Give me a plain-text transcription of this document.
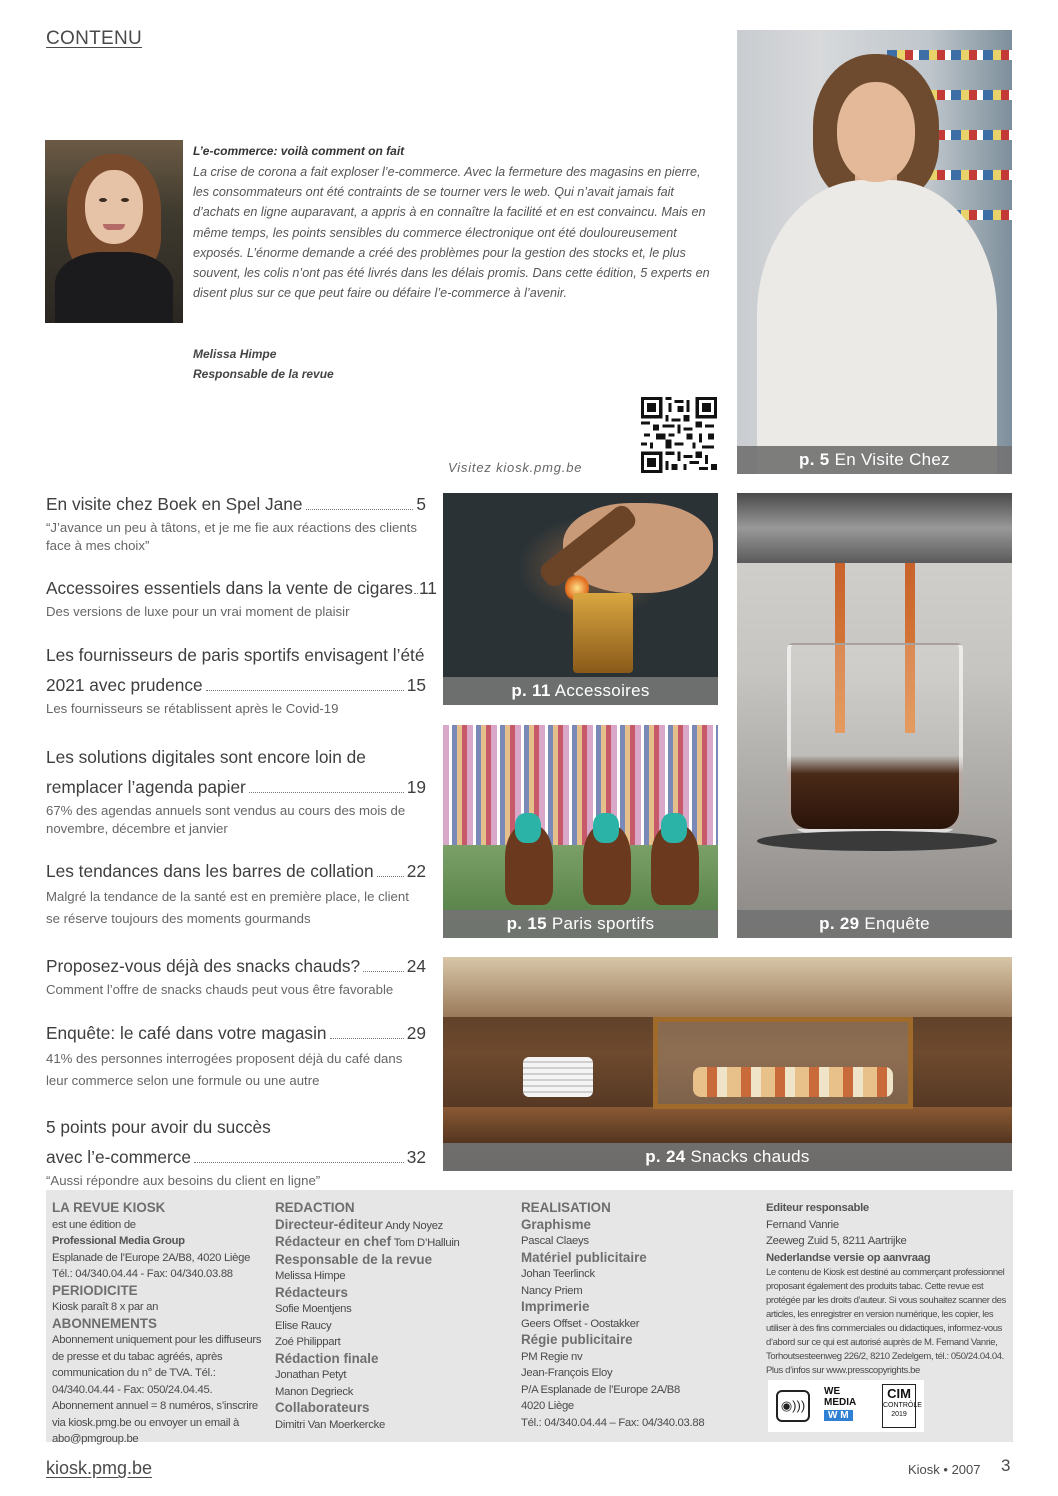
CONTENU
L’e-commerce: voilà comment on fait
La crise de corona a fait exploser l’e-commerce. Avec la fermeture des magasins en pierre, les consommateurs ont été contraints de se tourner vers le web. Qui n’avait jamais fait d’achats en ligne auparavant, a appris à en connaître la facilité et en est convaincu. Mais en même temps, les points sensibles du commerce électronique ont été douloureusement exposés. L’énorme demande a créé des problèmes pour la gestion des stocks et, le plus souvent, les colis n’ont pas été livrés dans les délais promis. Dans cette édition, 5 experts en disent plus sur ce que peut faire ou défaire l’e-commerce à l’avenir.
Melissa Himpe
Responsable de la revue
Visitez kiosk.pmg.be	p. 5 En Visite Chez
p. 11 Accessoires
p. 29 Enquête
p. 15 Paris sportifs
p. 24 Snacks chauds
En visite chez Boek en Spel Jane	5
“J’avance un peu à tâtons, et je me fie aux réactions des clients face à mes choix”
Accessoires essentiels dans la vente de cigares 11
Des versions de luxe pour un vrai moment de plaisir
Les fournisseurs de paris sportifs envisagent l’été
2021 avec prudence	15
Les fournisseurs se rétablissent après le Covid-19
Les solutions digitales sont encore loin de
remplacer l’agenda papier	19
67% des agendas annuels sont vendus au cours des mois de novembre, décembre et janvier
Les tendances dans les barres de collation 22
Malgré la tendance de la santé est en première place, le client se réserve toujours des moments gourmands
Proposez-vous déjà des snacks chauds?	24
Comment l’offre de snacks chauds peut vous être favorable
Enquête: le café dans votre magasin	29
41% des personnes interrogées proposent déjà du café dans leur commerce selon une formule ou une autre
5 points pour avoir du succès
avec l’e-commerce	32
“Aussi répondre aux besoins du client en ligne”
LA REVUE KIOSK
est une édition de
Professional Media Group
Esplanade de l’Europe 2A/B8, 4020 Liège
Tél.: 04/340.04.44 - Fax: 04/340.03.88
PERIODICITE
Kiosk paraît 8 x par an
ABONNEMENTS
Abonnement uniquement pour les diffuseurs de presse et du tabac agréés, après communication du n° de TVA. Tél.: 04/340.04.44 - Fax: 050/24.04.45. Abonnement annuel = 8 numéros, s’inscrire via kiosk.pmg.be ou envoyer un email à abo@pmgroup.be
REDACTION
Directeur-éditeur Andy Noyez
Rédacteur en chef Tom D’Halluin
Responsable de la revue
Melissa Himpe
Rédacteurs
Sofie Moentjens
Elise Raucy
Zoé Philippart
Rédaction finale
Jonathan Petyt
Manon Degrieck
Collaborateurs
Dimitri Van Moerkercke
REALISATION
Graphisme
Pascal Claeys
Matériel publicitaire
Johan Teerlinck
Nancy Priem
Imprimerie
Geers Offset - Oostakker
Régie publicitaire
PM Regie nv
Jean-François Eloy
P/A Esplanade de l’Europe 2A/B8
4020 Liège
Tél.: 04/340.04.44 – Fax: 04/340.03.88
Editeur responsable
Fernand Vanrie
Zeeweg Zuid 5, 8211 Aartrijke
Nederlandse versie op aanvraag
Le contenu de Kiosk est destiné au commerçant professionnel proposant également des produits tabac. Cette revue est protégée par les droits d’auteur. Si vous souhaitez scanner des articles, les enregistrer en version numérique, les copier, les utiliser à des fins commerciales ou didactiques, informez-vous d’abord sur ce qui est autorisé auprès de M. Fernand Vanrie, Torhoutsesteenweg 226/2, 8210 Zedelgem, tél.: 050/24.04.04. Plus d’infos sur www.presscopyrights.be
◉)))
WE
MEDIA
W M
CIM
CONTRÔLE
2019
kiosk.pmg.be	Kiosk • 2007 3
